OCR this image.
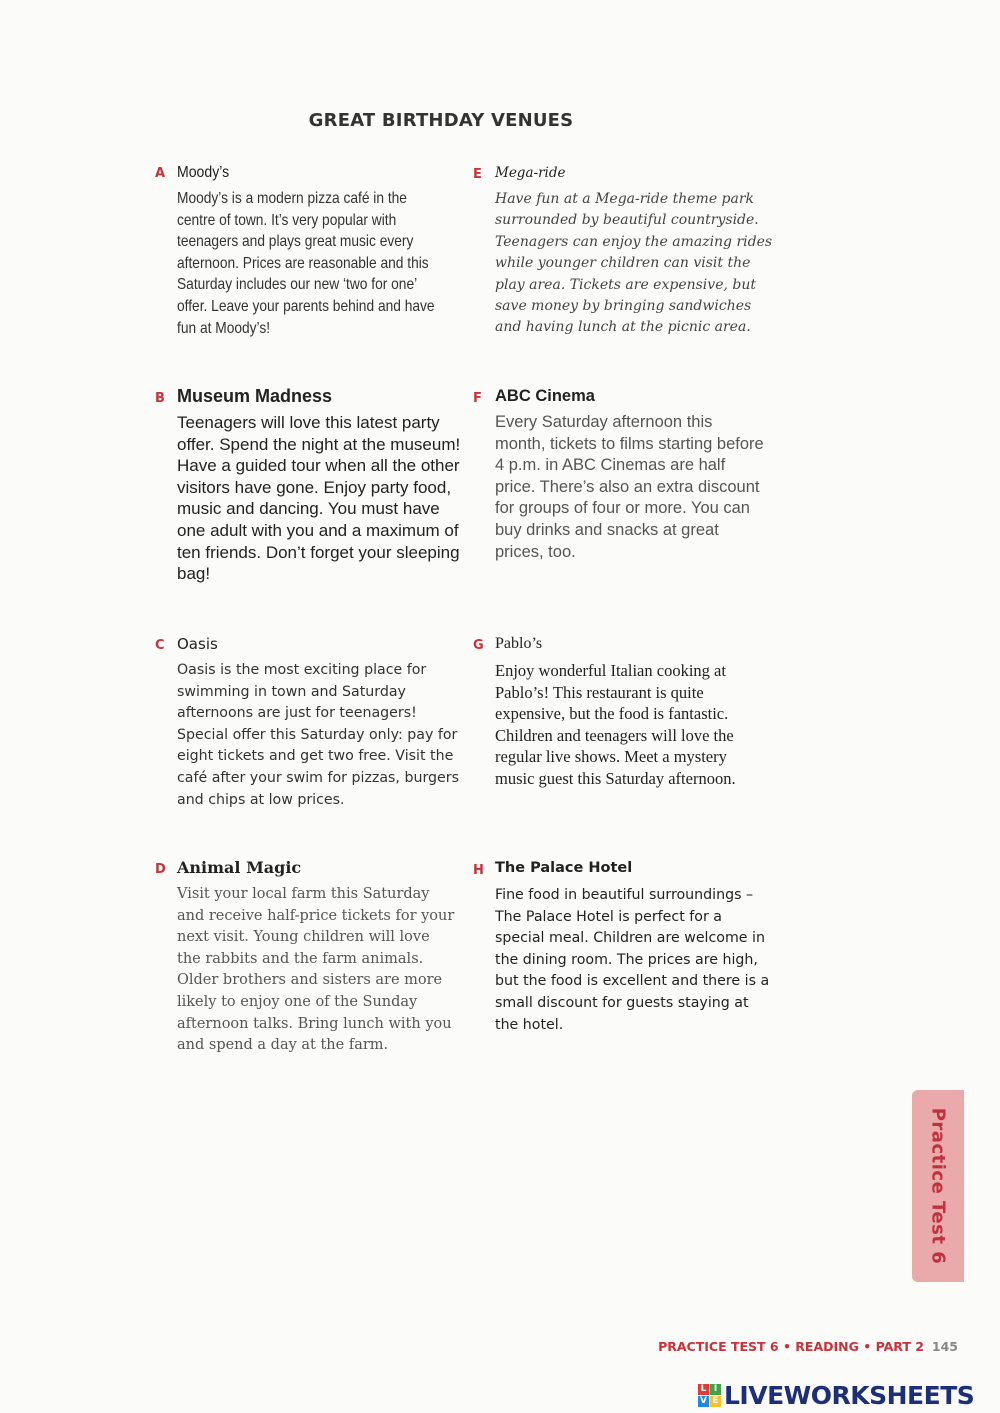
GREAT BIRTHDAY VENUES
A Moody’s
Moody’s is a modern pizza café in the centre of town. It’s very popular with teenagers and plays great music every afternoon. Prices are reasonable and this Saturday includes our new ‘two for one’ offer. Leave your parents behind and have fun at Moody’s!
E Mega-ride
Have fun at a Mega-ride theme park surrounded by beautiful countryside. Teenagers can enjoy the amazing rides while younger children can visit the play area. Tickets are expensive, but save money by bringing sandwiches and having lunch at the picnic area.
B Museum Madness
Teenagers will love this latest party offer. Spend the night at the museum! Have a guided tour when all the other visitors have gone. Enjoy party food, music and dancing. You must have one adult with you and a maximum of ten friends. Don’t forget your sleeping bag!
F ABC Cinema
Every Saturday afternoon this month, tickets to films starting before 4 p.m. in ABC Cinemas are half price. There’s also an extra discount for groups of four or more. You can buy drinks and snacks at great prices, too.
C Oasis
Oasis is the most exciting place for swimming in town and Saturday afternoons are just for teenagers! Special offer this Saturday only: pay for eight tickets and get two free. Visit the café after your swim for pizzas, burgers and chips at low prices.
G Pablo’s
Enjoy wonderful Italian cooking at Pablo’s! This restaurant is quite expensive, but the food is fantastic. Children and teenagers will love the regular live shows. Meet a mystery music guest this Saturday afternoon.
D Animal Magic
Visit your local farm this Saturday and receive half-price tickets for your next visit. Young children will love the rabbits and the farm animals. Older brothers and sisters are more likely to enjoy one of the Sunday afternoon talks. Bring lunch with you and spend a day at the farm.
H The Palace Hotel
Fine food in beautiful surroundings – The Palace Hotel is perfect for a special meal. Children are welcome in the dining room. The prices are high, but the food is excellent and there is a small discount for guests staying at the hotel.
Practice Test 6
PRACTICE TEST 6 • READING • PART 2 145
L I
V E LIVEWORKSHEETS
